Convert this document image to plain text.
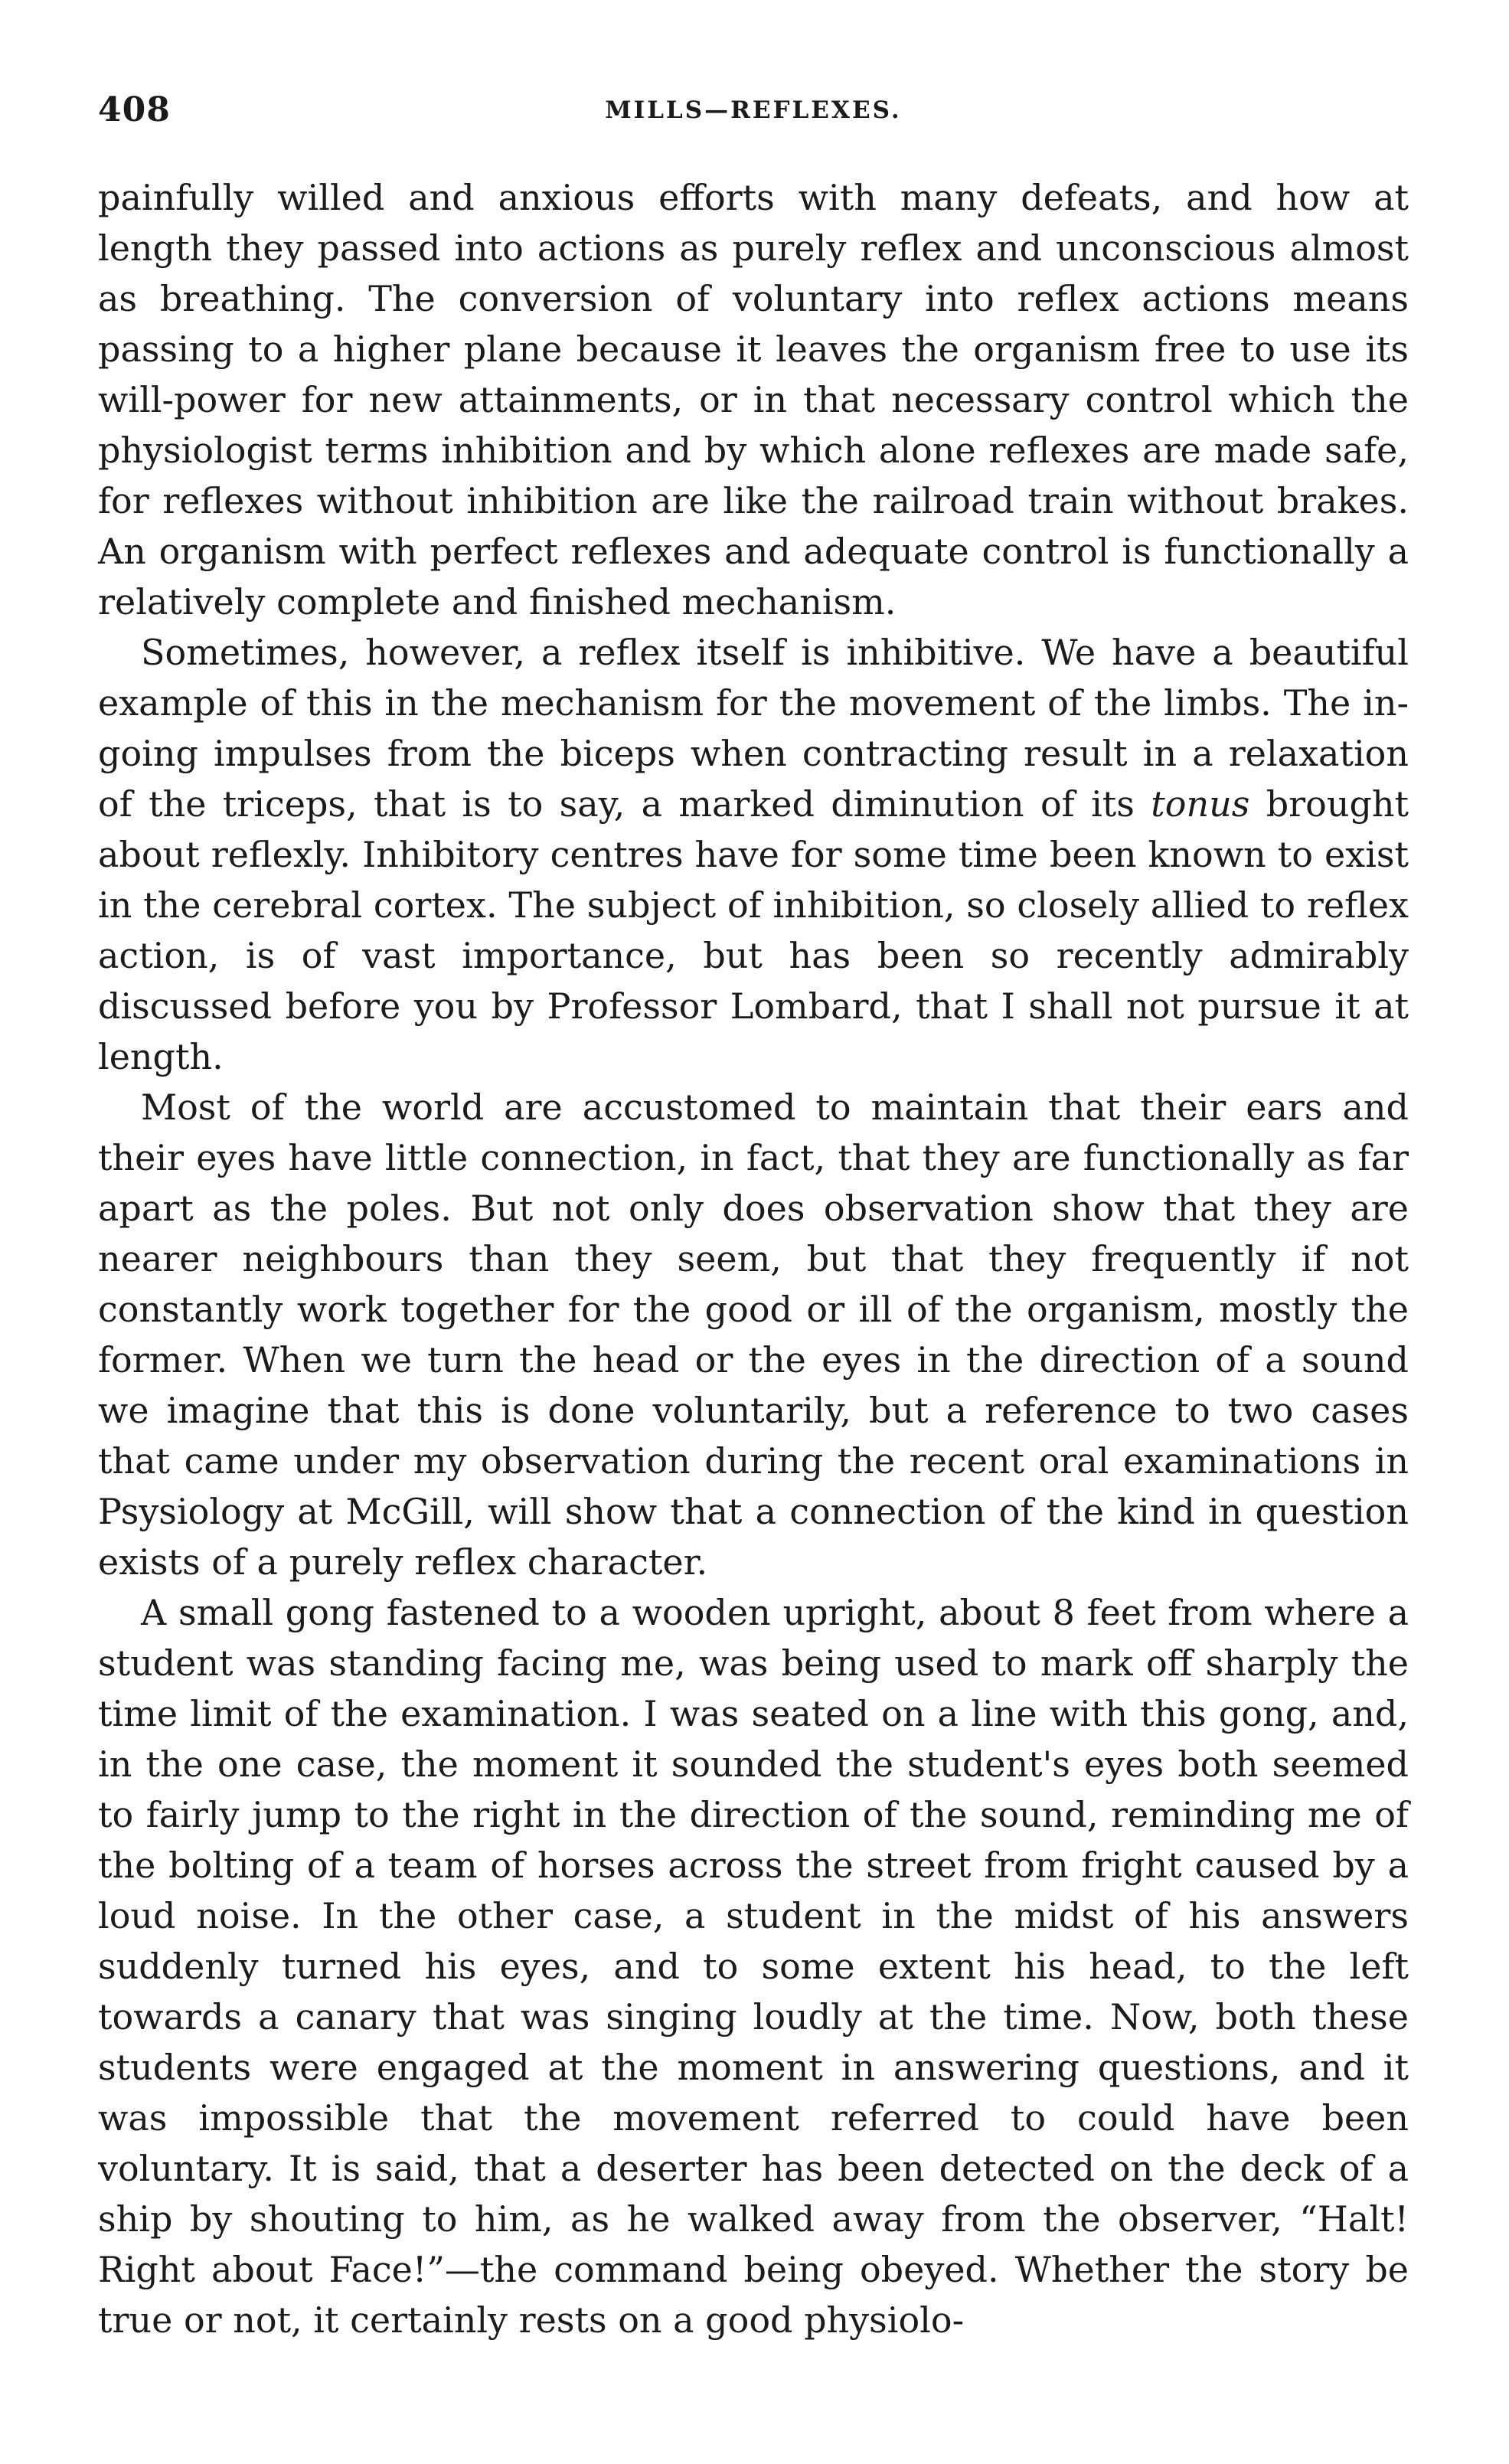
408	MILLS—REFLEXES.

painfully willed and anxious efforts with many defeats, and how at length they passed into actions as purely reflex and unconscious almost as breathing. The conversion of voluntary into reflex actions means passing to a higher plane because it leaves the organism free to use its will-power for new attainments, or in that necessary control which the physiologist terms inhibition and by which alone reflexes are made safe, for reflexes without inhibition are like the railroad train without brakes. An organism with perfect reflexes and adequate control is functionally a relatively complete and finished mechanism.

Sometimes, however, a reflex itself is inhibitive. We have a beautiful example of this in the mechanism for the movement of the limbs. The in-going impulses from the biceps when contracting result in a relaxation of the triceps, that is to say, a marked diminution of its tonus brought about reflexly. Inhibitory centres have for some time been known to exist in the cerebral cortex. The subject of inhibition, so closely allied to reflex action, is of vast importance, but has been so recently admirably discussed before you by Professor Lombard, that I shall not pursue it at length.

Most of the world are accustomed to maintain that their ears and their eyes have little connection, in fact, that they are functionally as far apart as the poles. But not only does observation show that they are nearer neighbours than they seem, but that they frequently if not constantly work together for the good or ill of the organism, mostly the former. When we turn the head or the eyes in the direction of a sound we imagine that this is done voluntarily, but a reference to two cases that came under my observation during the recent oral examinations in Psysiology at McGill, will show that a connection of the kind in question exists of a purely reflex character.

A small gong fastened to a wooden upright, about 8 feet from where a student was standing facing me, was being used to mark off sharply the time limit of the examination. I was seated on a line with this gong, and, in the one case, the moment it sounded the student's eyes both seemed to fairly jump to the right in the direction of the sound, reminding me of the bolting of a team of horses across the street from fright caused by a loud noise. In the other case, a student in the midst of his answers suddenly turned his eyes, and to some extent his head, to the left towards a canary that was singing loudly at the time. Now, both these students were engaged at the moment in answering questions, and it was impossible that the movement referred to could have been voluntary. It is said, that a deserter has been detected on the deck of a ship by shouting to him, as he walked away from the observer, “Halt! Right about Face!”—the command being obeyed. Whether the story be true or not, it certainly rests on a good physiolo-
